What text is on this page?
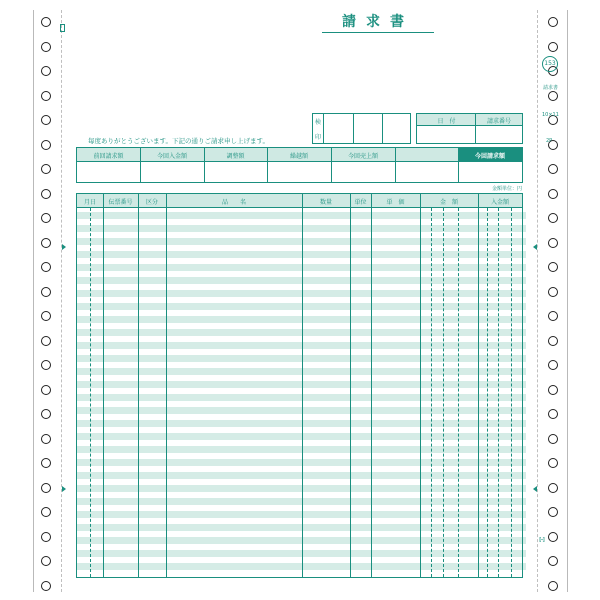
請求書
検
印
日　付	請求番号
毎度ありがとうございます。下記の通りご請求申し上げます。
前回請求額	今回入金額	調整額	繰越額	今回売上額	今回請求額
金額単位：円
月日	伝票番号	区分	品　　名	数量	単位	単　価	金　額	入金額
153
請求書
10×11
2P
ℍ
